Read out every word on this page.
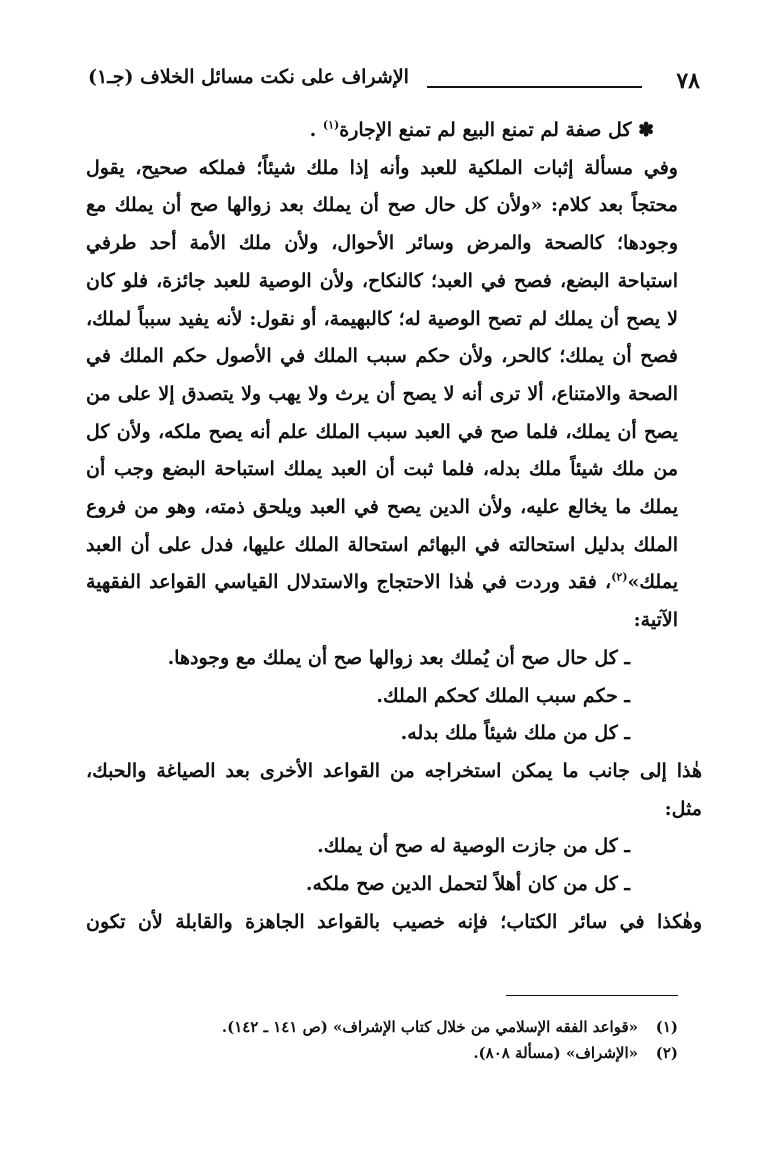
٧٨
الإشراف على نكت مسائل الخلاف (جـ١)

✽ كل صفة لم تمنع البيع لم تمنع الإجارة$^{(١)}$ .

وفي مسألة إثبات الملكية للعبد وأنه إذا ملك شيئاً؛ فملكه صحيح، يقول محتجاً بعد كلام: «ولأن كل حال صح أن يملك بعد زوالها صح أن يملك مع وجودها؛ كالصحة والمرض وسائر الأحوال، ولأن ملك الأمة أحد طرفي استباحة البضع، فصح في العبد؛ كالنكاح، ولأن الوصية للعبد جائزة، فلو كان لا يصح أن يملك لم تصح الوصية له؛ كالبهيمة، أو نقول: لأنه يفيد سبباً لملك، فصح أن يملك؛ كالحر، ولأن حكم سبب الملك في الأصول حكم الملك في الصحة والامتناع، ألا ترى أنه لا يصح أن يرث ولا يهب ولا يتصدق إلا على من يصح أن يملك، فلما صح في العبد سبب الملك علم أنه يصح ملكه، ولأن كل من ملك شيئاً ملك بدله، فلما ثبت أن العبد يملك استباحة البضع وجب أن يملك ما يخالع عليه، ولأن الدين يصح في العبد ويلحق ذمته، وهو من فروع الملك بدليل استحالته في البهائم استحالة الملك عليها، فدل على أن العبد يملك»$^{(٢)}$، فقد وردت في هٰذا الاحتجاج والاستدلال القياسي القواعد الفقهية الآتية:

ـ كل حال صح أن يُملك بعد زوالها صح أن يملك مع وجودها.

ـ حكم سبب الملك كحكم الملك.

ـ كل من ملك شيئاً ملك بدله.

هٰذا إلى جانب ما يمكن استخراجه من القواعد الأخرى بعد الصياغة والحبك، مثل:

ـ كل من جازت الوصية له صح أن يملك.

ـ كل من كان أهلاً لتحمل الدين صح ملكه.

وهٰكذا في سائر الكتاب؛ فإنه خصيب بالقواعد الجاهزة والقابلة لأن تكون

(١)
«قواعد الفقه الإسلامي من خلال كتاب الإشراف» (ص ١٤١ ـ ١٤٢).
(٢)
«الإشراف» (مسألة ٨٠٨).
